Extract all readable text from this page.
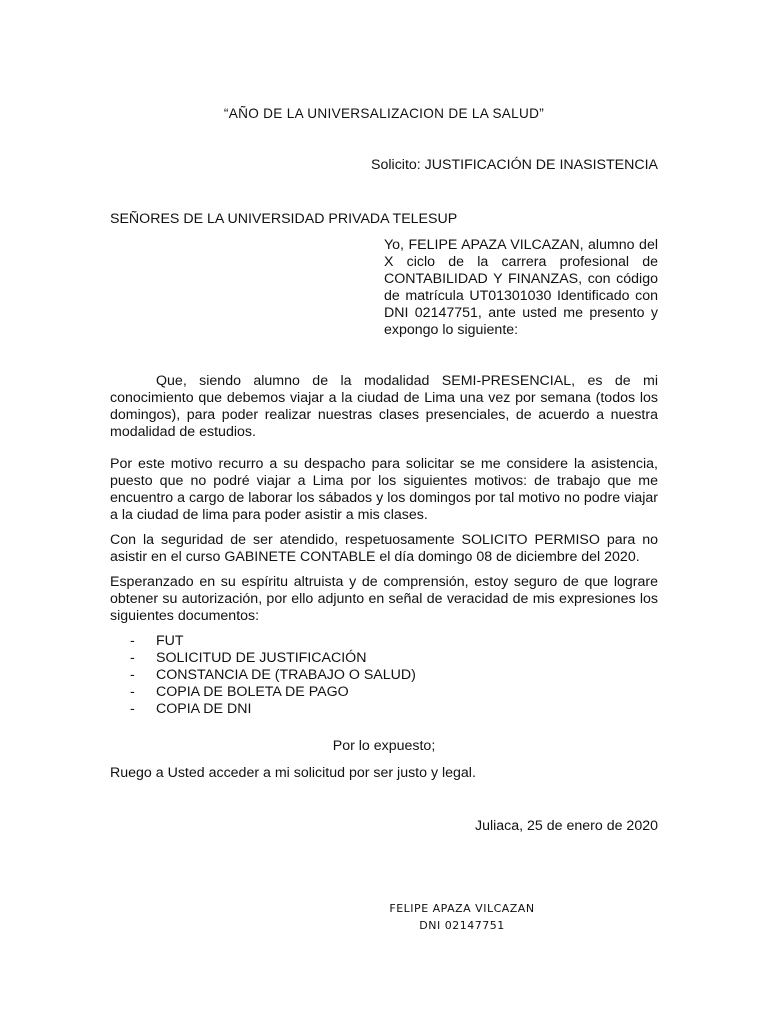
“AÑO DE LA UNIVERSALIZACION DE LA SALUD”
Solicito: JUSTIFICACIÓN DE INASISTENCIA
SEÑORES DE LA UNIVERSIDAD PRIVADA TELESUP
Yo, FELIPE APAZA VILCAZAN, alumno del X ciclo de la carrera profesional de CONTABILIDAD Y FINANZAS, con código de matrícula UT01301030 Identificado con DNI 02147751, ante usted me presento y expongo lo siguiente:

Que, siendo alumno de la modalidad SEMI-PRESENCIAL, es de mi conocimiento que debemos viajar a la ciudad de Lima una vez por semana (todos los domingos), para poder realizar nuestras clases presenciales, de acuerdo a nuestra modalidad de estudios.

Por este motivo recurro a su despacho para solicitar se me considere la asistencia, puesto que no podré viajar a Lima por los siguientes motivos: de trabajo que me encuentro a cargo de laborar los sábados y los domingos por tal motivo no podre viajar a la ciudad de lima para poder asistir a mis clases.

Con la seguridad de ser atendido, respetuosamente SOLICITO PERMISO para no asistir en el curso GABINETE CONTABLE el día domingo 08 de diciembre del 2020.

Esperanzado en su espíritu altruista y de comprensión, estoy seguro de que lograre obtener su autorización, por ello adjunto en señal de veracidad de mis expresiones los siguientes documentos:

- FUT
- SOLICITUD DE JUSTIFICACIÓN
- CONSTANCIA DE (TRABAJO O SALUD)
- COPIA DE BOLETA DE PAGO
- COPIA DE DNI
Por lo expuesto;
Ruego a Usted acceder a mi solicitud por ser justo y legal.
Juliaca, 25 de enero de 2020
FELIPE APAZA VILCAZAN
DNI 02147751
